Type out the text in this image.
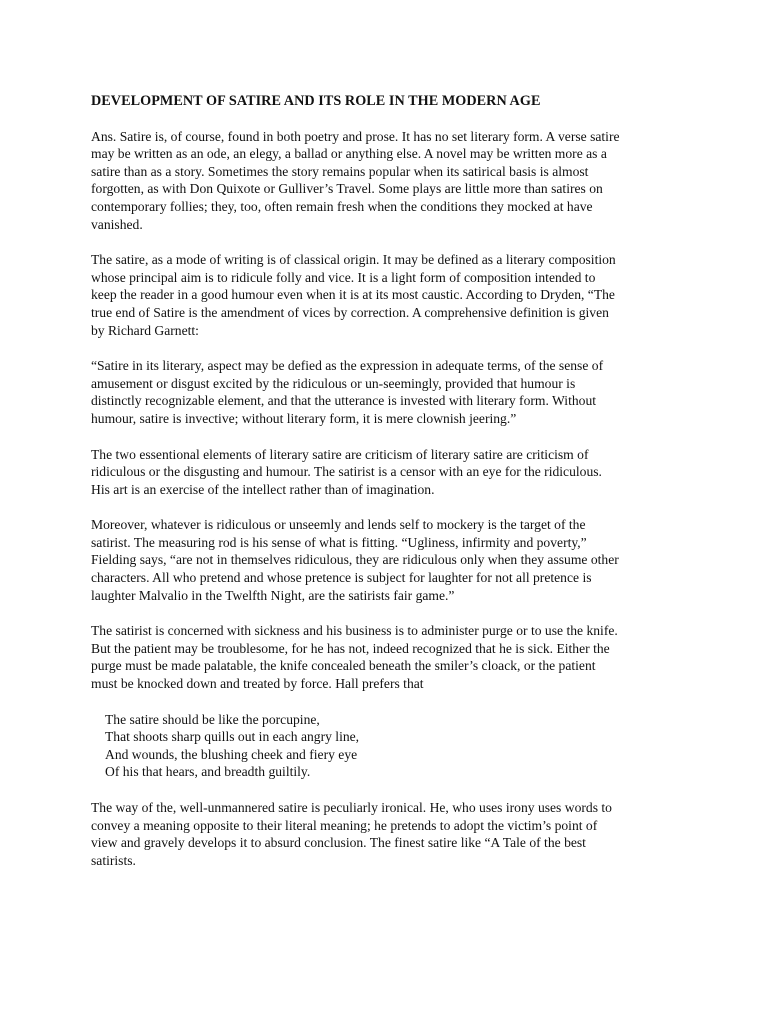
DEVELOPMENT OF SATIRE AND ITS ROLE IN THE MODERN AGE
Ans. Satire is, of course, found in both poetry and prose. It has no set literary form. A verse satire
may be written as an ode, an elegy, a ballad or anything else. A novel may be written more as a
satire than as a story. Sometimes the story remains popular when its satirical basis is almost
forgotten, as with Don Quixote or Gulliver’s Travel. Some plays are little more than satires on
contemporary follies; they, too, often remain fresh when the conditions they mocked at have
vanished.
The satire, as a mode of writing is of classical origin. It may be defined as a literary composition
whose principal aim is to ridicule folly and vice. It is a light form of composition intended to
keep the reader in a good humour even when it is at its most caustic. According to Dryden, “The
true end of Satire is the amendment of vices by correction. A comprehensive definition is given
by Richard Garnett:
“Satire in its literary, aspect may be defied as the expression in adequate terms, of the sense of
amusement or disgust excited by the ridiculous or un-seemingly, provided that humour is
distinctly recognizable element, and that the utterance is invested with literary form. Without
humour, satire is invective; without literary form, it is mere clownish jeering.”
The two essentional elements of literary satire are criticism of literary satire are criticism of
ridiculous or the disgusting and humour. The satirist is a censor with an eye for the ridiculous.
His art is an exercise of the intellect rather than of imagination.
Moreover, whatever is ridiculous or unseemly and lends self to mockery is the target of the
satirist. The measuring rod is his sense of what is fitting. “Ugliness, infirmity and poverty,”
Fielding says, “are not in themselves ridiculous, they are ridiculous only when they assume other
characters. All who pretend and whose pretence is subject for laughter for not all pretence is
laughter Malvalio in the Twelfth Night, are the satirists fair game.”
The satirist is concerned with sickness and his business is to administer purge or to use the knife.
But the patient may be troublesome, for he has not, indeed recognized that he is sick. Either the
purge must be made palatable, the knife concealed beneath the smiler’s cloack, or the patient
must be knocked down and treated by force. Hall prefers that
The satire should be like the porcupine,
That shoots sharp quills out in each angry line,
And wounds, the blushing cheek and fiery eye
Of his that hears, and breadth guiltily.
The way of the, well-unmannered satire is peculiarly ironical. He, who uses irony uses words to
convey a meaning opposite to their literal meaning; he pretends to adopt the victim’s point of
view and gravely develops it to absurd conclusion. The finest satire like “A Tale of the best
satirists.
